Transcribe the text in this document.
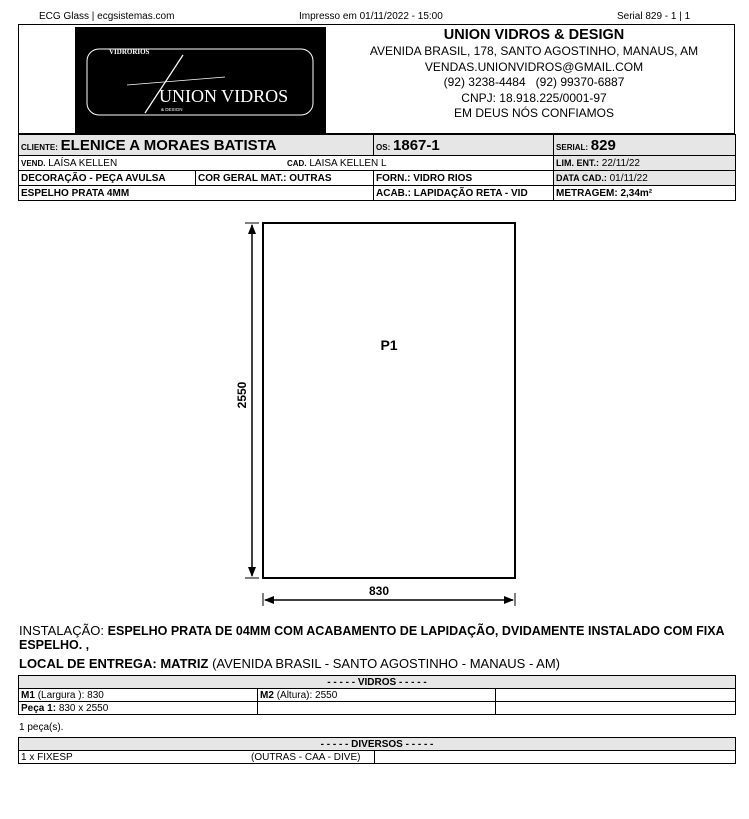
ECG Glass | ecgsistemas.com	Impresso em 01/11/2022 - 15:00	Serial 829 - 1 | 1
VIDRORIOS
UNION VIDROS
& DESIGN
UNION VIDROS & DESIGN
AVENIDA BRASIL, 178, SANTO AGOSTINHO, MANAUS, AM
VENDAS.UNIONVIDROS@GMAIL.COM
(92) 3238-4484   (92) 99370-6887
CNPJ: 18.918.225/0001-97
EM DEUS NÓS CONFIAMOS
CLIENTE: ELENICE A MORAES BATISTA		OS: 1867-1	SERIAL: 829
VEND. LAÍSA KELLEN CAD. LAISA KELLEN L			LIM. ENT.: 22/11/22
DECORAÇÃO - PEÇA AVULSA	COR GERAL MAT.: OUTRAS	FORN.: VIDRO RIOS	DATA CAD.: 01/11/22
ESPELHO PRATA 4MM		ACAB.: LAPIDAÇÃO RETA - VID	METRAGEM: 2,34m²
P1
2550
830
INSTALAÇÃO: ESPELHO PRATA DE 04MM COM ACABAMENTO DE LAPIDAÇÃO, DVIDAMENTE INSTALADO COM FIXA ESPELHO. ,
LOCAL DE ENTREGA: MATRIZ (AVENIDA BRASIL - SANTO AGOSTINHO - MANAUS - AM)
- - - - - VIDROS - - - - -		
M1 (Largura ): 830	M2 (Altura): 2550	
Peça 1: 830 x 2550		
1 peça(s).
- - - - - DIVERSOS - - - - -
1 x FIXESP	(OUTRAS - CAA - DIVE)
